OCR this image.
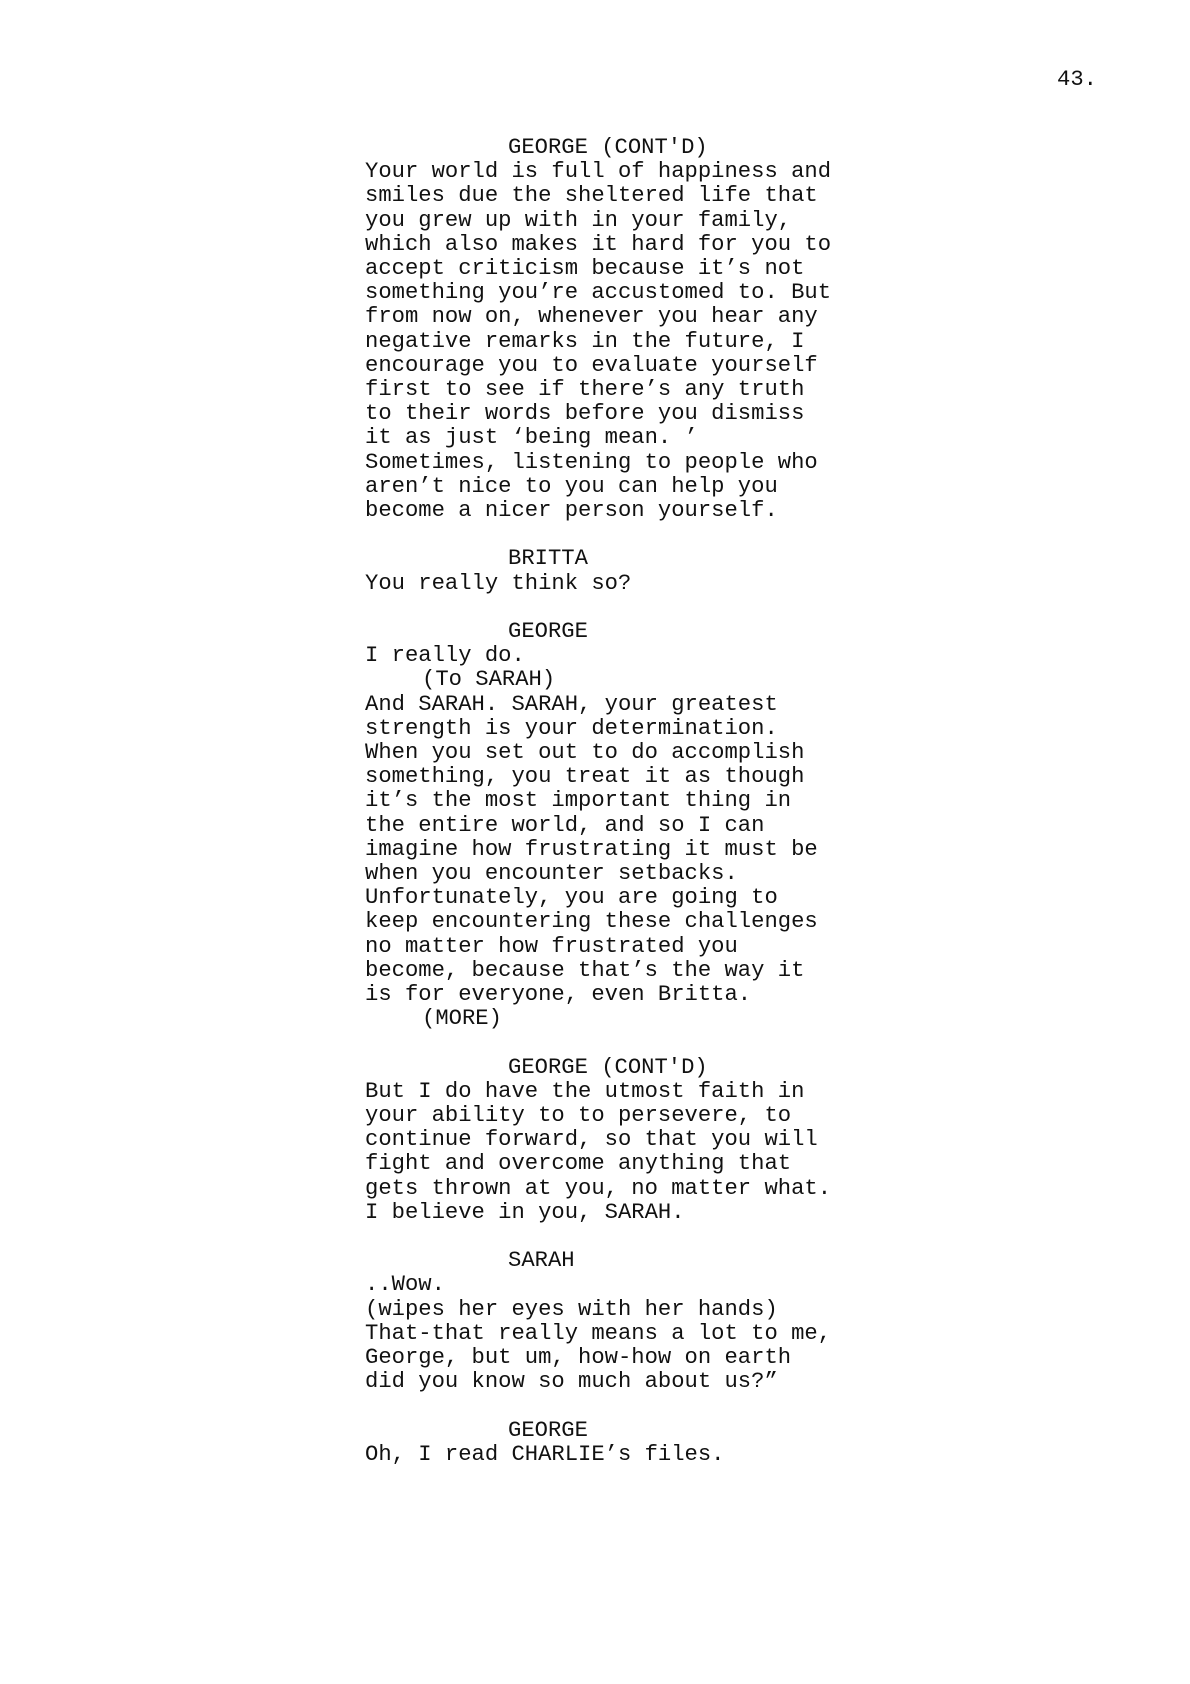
43.
GEORGE (CONT'D)
Your world is full of happiness and
smiles due the sheltered life that
you grew up with in your family,
which also makes it hard for you to
accept criticism because it’s not
something you’re accustomed to. But
from now on, whenever you hear any
negative remarks in the future, I
encourage you to evaluate yourself
first to see if there’s any truth
to their words before you dismiss
it as just ‘being mean. ’
Sometimes, listening to people who
aren’t nice to you can help you
become a nicer person yourself.
BRITTA
You really think so?
GEORGE
I really do.
(To SARAH)
And SARAH. SARAH, your greatest
strength is your determination.
When you set out to do accomplish
something, you treat it as though
it’s the most important thing in
the entire world, and so I can
imagine how frustrating it must be
when you encounter setbacks.
Unfortunately, you are going to
keep encountering these challenges
no matter how frustrated you
become, because that’s the way it
is for everyone, even Britta.
(MORE)
GEORGE (CONT'D)
But I do have the utmost faith in
your ability to to persevere, to
continue forward, so that you will
fight and overcome anything that
gets thrown at you, no matter what.
I believe in you, SARAH.
SARAH
..Wow.
(wipes her eyes with her hands)
That-that really means a lot to me,
George, but um, how-how on earth
did you know so much about us?”
GEORGE
Oh, I read CHARLIE’s files.
